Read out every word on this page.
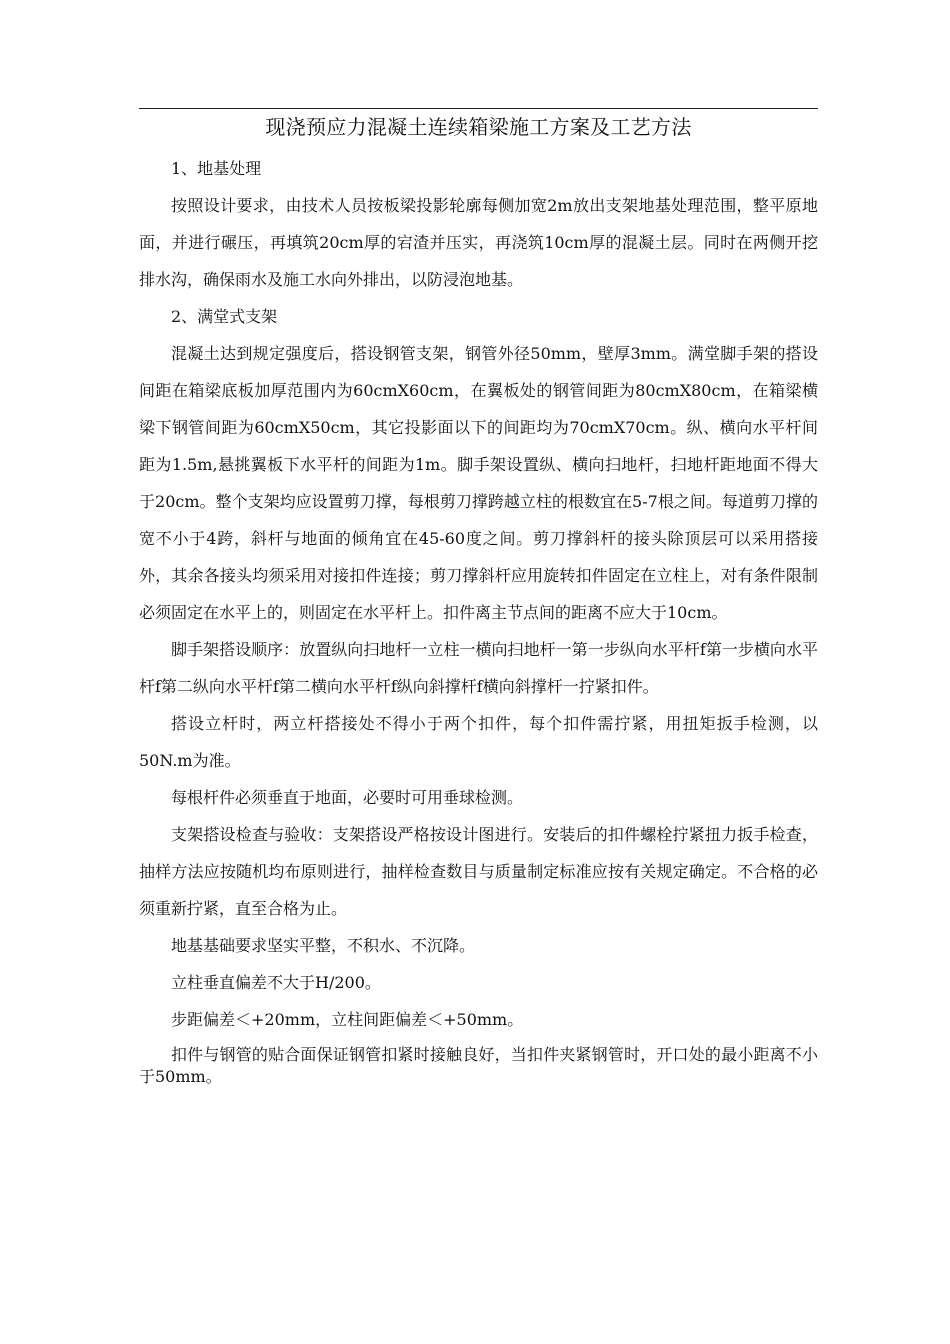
现浇预应力混凝土连续箱梁施工方案及工艺方法

1、地基处理

按照设计要求，由技术人员按板梁投影轮廓每侧加宽2m放出支架地基处理范围，整平原地面，并进行碾压，再填筑20cm厚的宕渣并压实，再浇筑10cm厚的混凝土层。同时在两侧开挖排水沟，确保雨水及施工水向外排出，以防浸泡地基。

2、满堂式支架

混凝土达到规定强度后，搭设钢管支架，钢管外径50mm，壁厚3mm。满堂脚手架的搭设间距在箱梁底板加厚范围内为60cmX60cm，在翼板处的钢管间距为80cmX80cm，在箱梁横梁下钢管间距为60cmX50cm，其它投影面以下的间距均为70cmX70cm。纵、横向水平杆间距为1.5m,悬挑翼板下水平杆的间距为1m。脚手架设置纵、横向扫地杆，扫地杆距地面不得大于20cm。整个支架均应设置剪刀撑，每根剪刀撑跨越立柱的根数宜在5-7根之间。每道剪刀撑的宽不小于4跨，斜杆与地面的倾角宜在45-60度之间。剪刀撑斜杆的接头除顶层可以采用搭接外，其余各接头均须采用对接扣件连接；剪刀撑斜杆应用旋转扣件固定在立柱上，对有条件限制必须固定在水平上的，则固定在水平杆上。扣件离主节点间的距离不应大于10cm。

脚手架搭设顺序：放置纵向扫地杆一立柱一横向扫地杆一第一步纵向水平杆f第一步横向水平杆f第二纵向水平杆f第二横向水平杆f纵向斜撑杆f横向斜撑杆一拧紧扣件。

搭设立杆时，两立杆搭接处不得小于两个扣件，每个扣件需拧紧，用扭矩扳手检测，以50N.m为准。

每根杆件必须垂直于地面，必要时可用垂球检测。

支架搭设检查与验收：支架搭设严格按设计图进行。安装后的扣件螺栓拧紧扭力扳手检查，抽样方法应按随机均布原则进行，抽样检查数目与质量制定标准应按有关规定确定。不合格的必须重新拧紧，直至合格为止。

地基基础要求坚实平整，不积水、不沉降。

立柱垂直偏差不大于H/200。

步距偏差＜+20mm，立柱间距偏差＜+50mm。

扣件与钢管的贴合面保证钢管扣紧时接触良好，当扣件夹紧钢管时，开口处的最小距离不小于50mm。
